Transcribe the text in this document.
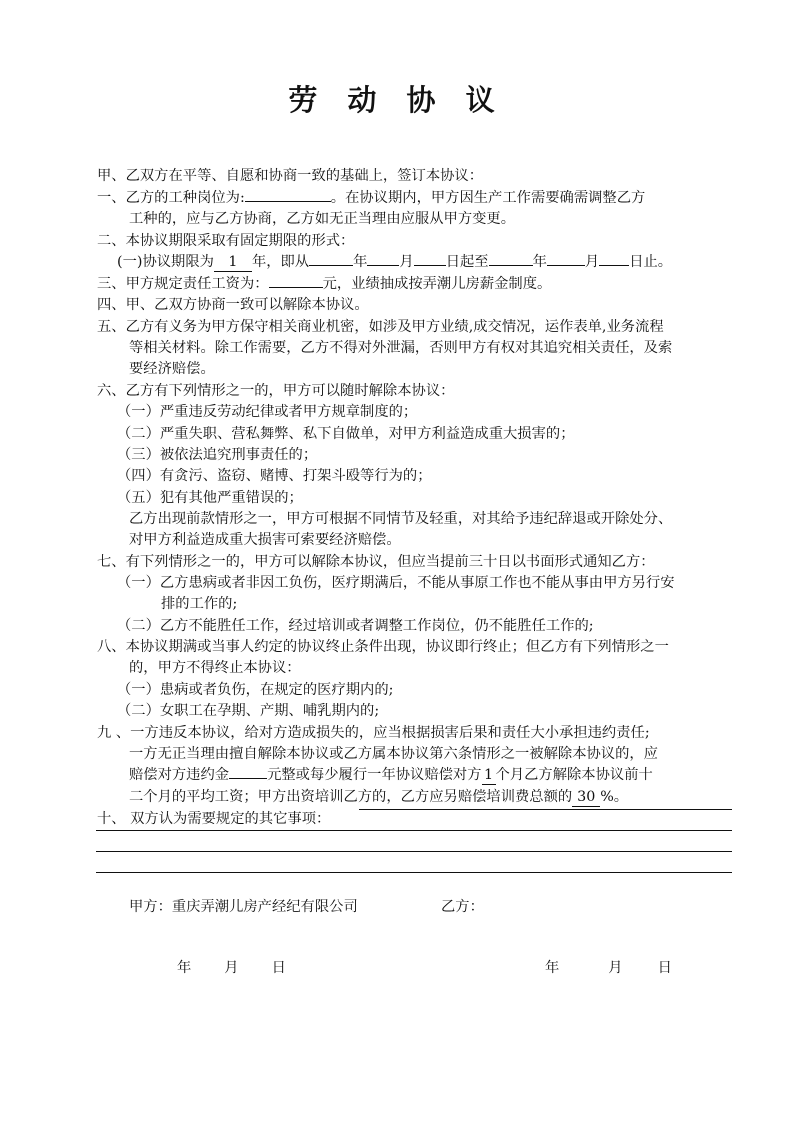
劳 动 协 议
甲、乙双方在平等、自愿和协商一致的基础上，签订本协议：
一、乙方的工种岗位为:	。在协议期内，甲方因生产工作需要确需调整乙方
工种的，应与乙方协商，乙方如无正当理由应服从甲方变更。
二、本协议期限采取有固定期限的形式：
(一)协议期限为 1 年，即从	年 月 日起至	年	月 日止。
三、甲方规定责任工资为：	元，业绩抽成按弄潮儿房薪金制度。
四、甲、乙双方协商一致可以解除本协议。
五、乙方有义务为甲方保守相关商业机密，如涉及甲方业绩,成交情况，运作表单,业务流程
等相关材料。除工作需要，乙方不得对外泄漏，否则甲方有权对其追究相关责任，及索
要经济赔偿。
六、乙方有下列情形之一的，甲方可以随时解除本协议：
（一）严重违反劳动纪律或者甲方规章制度的；
（二）严重失职、营私舞弊、私下自做单，对甲方利益造成重大损害的；
（三）被依法追究刑事责任的；
（四）有贪污、盗窃、赌博、打架斗殴等行为的；
（五）犯有其他严重错误的；
乙方出现前款情形之一，甲方可根据不同情节及轻重，对其给予违纪辞退或开除处分、
对甲方利益造成重大损害可索要经济赔偿。
七、有下列情形之一的，甲方可以解除本协议，但应当提前三十日以书面形式通知乙方：
（一）乙方患病或者非因工负伤，医疗期满后，不能从事原工作也不能从事由甲方另行安
排的工作的;
（二）乙方不能胜任工作，经过培训或者调整工作岗位，仍不能胜任工作的;
八、本协议期满或当事人约定的协议终止条件出现，协议即行终止；但乙方有下列情形之一
的，甲方不得终止本协议：
（一）患病或者负伤，在规定的医疗期内的;
（二）女职工在孕期、产期、哺乳期内的;
九 、一方违反本协议，给对方造成损失的，应当根据损害后果和责任大小承担违约责任;
一方无正当理由擅自解除本协议或乙方属本协议第六条情形之一被解除本协议的，应
赔偿对方违约金	元整或每少履行一年协议赔偿对方 1 个月乙方解除本协议前十
二个月的平均工资；甲方出资培训乙方的，乙方应另赔偿培训费总额的 30 %。
十、 双方认为需要规定的其它事项：
甲方：重庆弄潮儿房产经纪有限公司	乙方：
年 月 日	年	月 日
